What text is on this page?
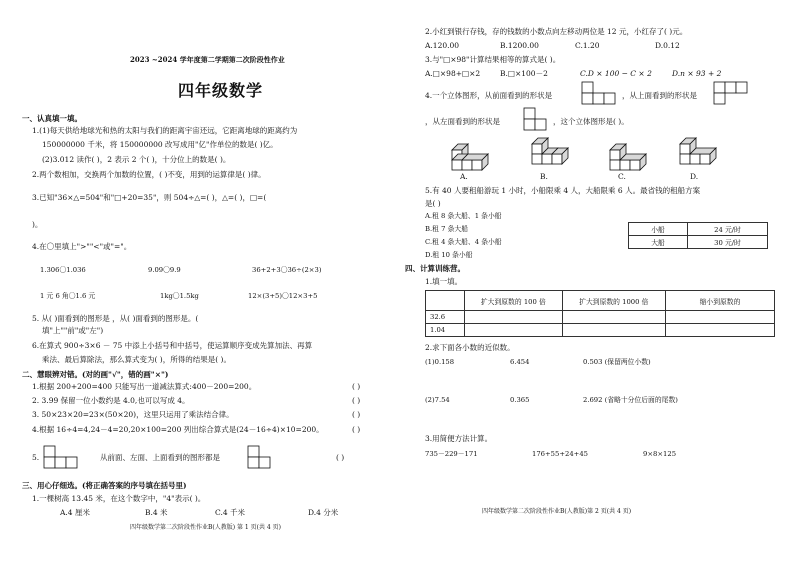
2023 ~2024 学年度第二学期第二次阶段性作业
四年级数学
一、认真填一填。
1.(1)每天供给地球光和热的太阳与我们的距离宇宙还远，它距离地球的距离约为
150000000 千米，将 150000000 改写成用"亿"作单位的数是( )亿。
(2)3.012 读作( )，2 表示 2 个( )，十分位上的数是( )。
2.两个数相加，交换两个加数的位置，( )不变，用到的运算律是( )律。
3.已知"36×△=504"和"□+20=35"，则 504÷△=( )，△=( )，□=(
)。
4.在〇里填上">""<"或"="。
1.306〇1.036	9.09〇9.9	36+2+3〇36÷(2×3)
1 元 6 角〇1.6 元	1kg〇1.5kg	12×(3+5)〇12×3+5
5. 从( )面看到的图形是 ，从( )面看到的图形是。(
填"上""前"或"左")
6.在算式 900÷3×6 － 75 中添上小括号和中括号，使运算顺序变成先算加法、再算
乘法、最后算除法，那么算式变为( )，所得的结果是( )。
二、慧眼辨对错。(对的画"√"，错的画"×")
1.根据 200+200=400 只能写出一道减法算式:400－200=200。	( )
2. 3.99 保留一位小数约是 4.0,也可以写成 4。	( )
3. 50×23×20=23×(50×20)，这里只运用了乘法结合律。	( )
4.根据 16÷4=4,24－4=20,20×100=200 列出综合算式是(24－16÷4)×10=200。	( )
5.	从前面、左面、上面看到的图形都是	( )
三、用心仔细选。(将正确答案的序号填在括号里)
1.一棵树高 13.45 米，在这个数字中，"4"表示( )。
A.4 厘米	B.4 米	C.4 千米	D.4 分米
四年级数学第二次阶段性作业B(人教版) 第 1 页(共 4 页)
2.小红到银行存钱，存的钱数的小数点向左移动两位是 12 元，小红存了( )元。
A.120.00	B.1200.00	C.1.20	D.0.12
3.与"□×98"计算结果相等的算式是( )。
A.□×98+□×2	B.□×100－2	C.D × 100 − C × 2	D.n × 93 + 2
4.一个立体图形，从前面看到的形状是	，从上面看到的形状是
，从左面看到的形状是	，这个立体图形是( )。
A.	B.	C.	D.
5.有 40 人要租船游玩 1 小时，小船限乘 4 人，大船限乘 6 人。最省钱的租船方案
是( )
A.租 8 条大船、1 条小船
B.租 7 条大船
C.租 4 条大船、4 条小船
D.租 10 条小船
小船	24 元/时
大船	30 元/时
四、计算训练营。
1.填一填。
	扩大到原数的 100 倍	扩大到原数的 1000 倍	缩小到原数的
32.6			
1.04			
2.求下面各小数的近似数。
(1)0.158	6.454	0.503 (保留两位小数)
(2)7.54	0.365	2.692 (省略十分位后面的尾数)
3.用简便方法计算。
735－229－171	176+55+24+45	9×8×125
四年级数学第二次阶段性作业B(人教版)第 2 页(共 4 页)
